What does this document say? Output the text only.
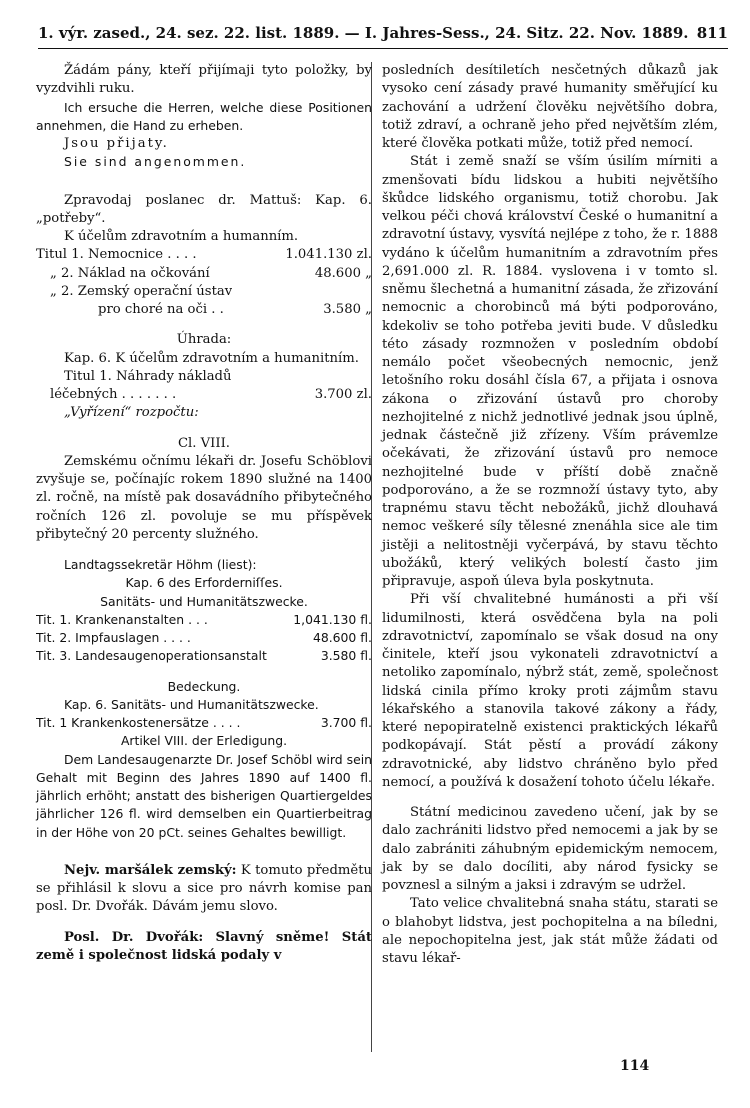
1. výr. zased., 24. sez. 22. list. 1889. — I. Jahres-Sess., 24. Sitz. 22. Nov. 1889. 811

Žádám pány, kteří přijímaji tyto položky, by vyzdvihli ruku.

Ich ersuche die Herren, welche diese Positionen annehmen, die Hand zu erheben.

Jsou přijaty.

Sie sind angenommen.

Zpravodaj poslanec dr. Mattuš: Kap. 6. „potřeby“.

K účelům zdravotním a humanním.

Titul 1. Nemocnice . . . .	1.041.130 zl.
„ 2. Náklad na očkování	48.600 „
„ 2. Zemský operační ústav
pro choré na oči . .	3.580 „

Úhrada:

Kap. 6. K účelům zdravotním a humanitním.

Titul 1. Náhrady nákladů

léčebných . . . . . . .	3.700 zl.

„Vyřízení“ rozpočtu:

Cl. VIII.

Zemskému očnímu lékaři dr. Josefu Schöblovi zvyšuje se, počínajíc rokem 1890 služné na 1400 zl. ročně, na místě pak dosavádního přibytečného ročních 126 zl. povoluje se mu příspěvek přibytečný 20 percenty služného.

Landtagssekretär Höhm (liest):

Kap. 6 des Erforderniſſes.

Sanitäts- und Humanitätszwecke.

Tit. 1. Krankenanstalten . . .	1,041.130 fl.
Tit. 2. Impfauslagen . . . .	48.600 fl.
Tit. 3. Landesaugenoperationsanstalt	3.580 fl.

Bedeckung.

Kap. 6. Sanitäts- und Humanitätszwecke.

Tit. 1 Krankenkostenersätze . . . .	3.700 fl.

Artikel VIII. der Erledigung.

Dem Landesaugenarzte Dr. Josef Schöbl wird sein Gehalt mit Beginn des Jahres 1890 auf 1400 fl. jährlich erhöht; anstatt des bisherigen Quartiergeldes jährlicher 126 fl. wird demselben ein Quartierbeitrag in der Höhe von 20 pCt. seines Gehaltes bewilligt.

Nejv. maršálek zemský: K tomuto předmětu se přihlásil k slovu a sice pro návrh komise pan posl. Dr. Dvořák. Dávám jemu slovo.

Posl. Dr. Dvořák: Slavný sněme! Stát země i společnost lidská podaly v

posledních desítiletích nesčetných důkazů jak vysoko cení zásady pravé humanity směřující ku zachování a udržení člověku největšího dobra, totiž zdraví, a ochraně jeho před největším zlém, které člověka potkati může, totiž před nemocí.

Stát i země snaží se vším úsilím mírniti a zmenšovati bídu lidskou a hubiti největšího škůdce lidského organismu, totiž chorobu. Jak velkou péči chová království České o humanitní a zdravotní ústavy, vysvítá nejlépe z toho, že r. 1888 vydáno k účelům humanitním a zdravotním přes 2,691.000 zl. R. 1884. vyslovena i v tomto sl. sněmu šlechetná a humanitní zásada, že zřizování nemocnic a chorobinců má býti podporováno, kdekoliv se toho potřeba jeviti bude. V důsledku této zásady rozmnožen v posledním období nemálo počet všeobecných nemocnic, jenž letošního roku dosáhl čísla 67, a přijata i osnova zákona o zřizování ústavů pro choroby nezhojitelné z nichž jednotlivé jednak jsou úplně, jednak částečně již zřízeny. Vším právemlze očekávati, že zřizování ústavů pro nemoce nezhojitelné bude v příští době značně podporováno, a že se rozmnoží ústavy tyto, aby trapnému stavu těcht nebožáků, jichž dlouhavá nemoc veškeré síly tělesné znenáhla sice ale tim jistěji a nelitostněji vyčerpává, by stavu těchto ubožáků, který velikých bolestí často jim připravuje, aspoň úleva byla poskytnuta.

Při vší chvalitebné humánosti a při vší lidumilnosti, která osvědčena byla na poli zdravotnictví, zapomínalo se však dosud na ony činitele, kteří jsou vykonateli zdravotnictví a netoliko zapomínalo, nýbrž stát, země, společnost lidská cinila přímo kroky proti zájmům stavu lékařského a stanovila takové zákony a řády, které nepopiratelně existenci praktických lékařů podkopávají. Stát pěstí a provádí zákony zdravotnické, aby lidstvo chráněno bylo před nemocí, a používá k dosažení tohoto účelu lékaře.

Státní medicinou zavedeno učení, jak by se dalo zachrániti lidstvo před nemocemi a jak by se dalo zabrániti záhubným epidemickým nemocem, jak by se dalo docíliti, aby národ fysicky se povznesl a silným a jaksi i zdravým se udržel.

Tato velice chvalitebná snaha státu, starati se o blahobyt lidstva, jest pochopitelna a na bíledni, ale nepochopitelna jest, jak stát může žádati od stavu lékař-

114
